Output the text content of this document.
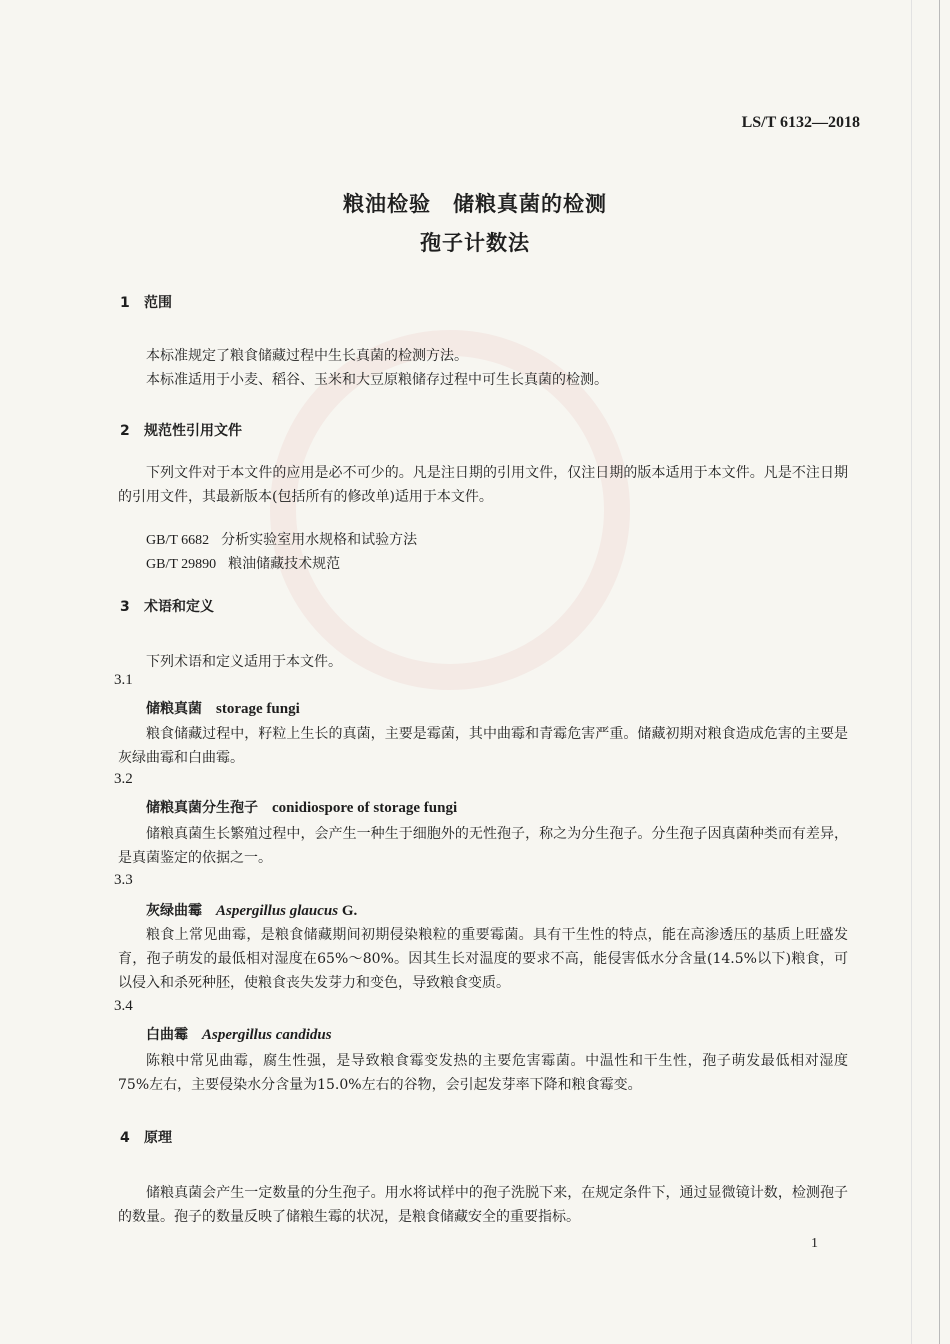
LS/T 6132—2018
粮油检验　储粮真菌的检测
孢子计数法
1 范围
本标准规定了粮食储藏过程中生长真菌的检测方法。
本标准适用于小麦、稻谷、玉米和大豆原粮储存过程中可生长真菌的检测。
2 规范性引用文件
下列文件对于本文件的应用是必不可少的。凡是注日期的引用文件，仅注日期的版本适用于本文件。凡是不注日期的引用文件，其最新版本(包括所有的修改单)适用于本文件。
GB/T 6682 分析实验室用水规格和试验方法
GB/T 29890 粮油储藏技术规范
3 术语和定义
下列术语和定义适用于本文件。
3.1
储粮真菌 storage fungi
粮食储藏过程中，籽粒上生长的真菌，主要是霉菌，其中曲霉和青霉危害严重。储藏初期对粮食造成危害的主要是灰绿曲霉和白曲霉。
3.2
储粮真菌分生孢子 conidiospore of storage fungi
储粮真菌生长繁殖过程中，会产生一种生于细胞外的无性孢子，称之为分生孢子。分生孢子因真菌种类而有差异，是真菌鉴定的依据之一。
3.3
灰绿曲霉 Aspergillus glaucus G.
粮食上常见曲霉，是粮食储藏期间初期侵染粮粒的重要霉菌。具有干生性的特点，能在高渗透压的基质上旺盛发育，孢子萌发的最低相对湿度在65%～80%。因其生长对温度的要求不高，能侵害低水分含量(14.5%以下)粮食，可以侵入和杀死种胚，使粮食丧失发芽力和变色，导致粮食变质。
3.4
白曲霉 Aspergillus candidus
陈粮中常见曲霉，腐生性强，是导致粮食霉变发热的主要危害霉菌。中温性和干生性，孢子萌发最低相对湿度75%左右，主要侵染水分含量为15.0%左右的谷物，会引起发芽率下降和粮食霉变。
4 原理
储粮真菌会产生一定数量的分生孢子。用水将试样中的孢子洗脱下来，在规定条件下，通过显微镜计数，检测孢子的数量。孢子的数量反映了储粮生霉的状况，是粮食储藏安全的重要指标。
1
